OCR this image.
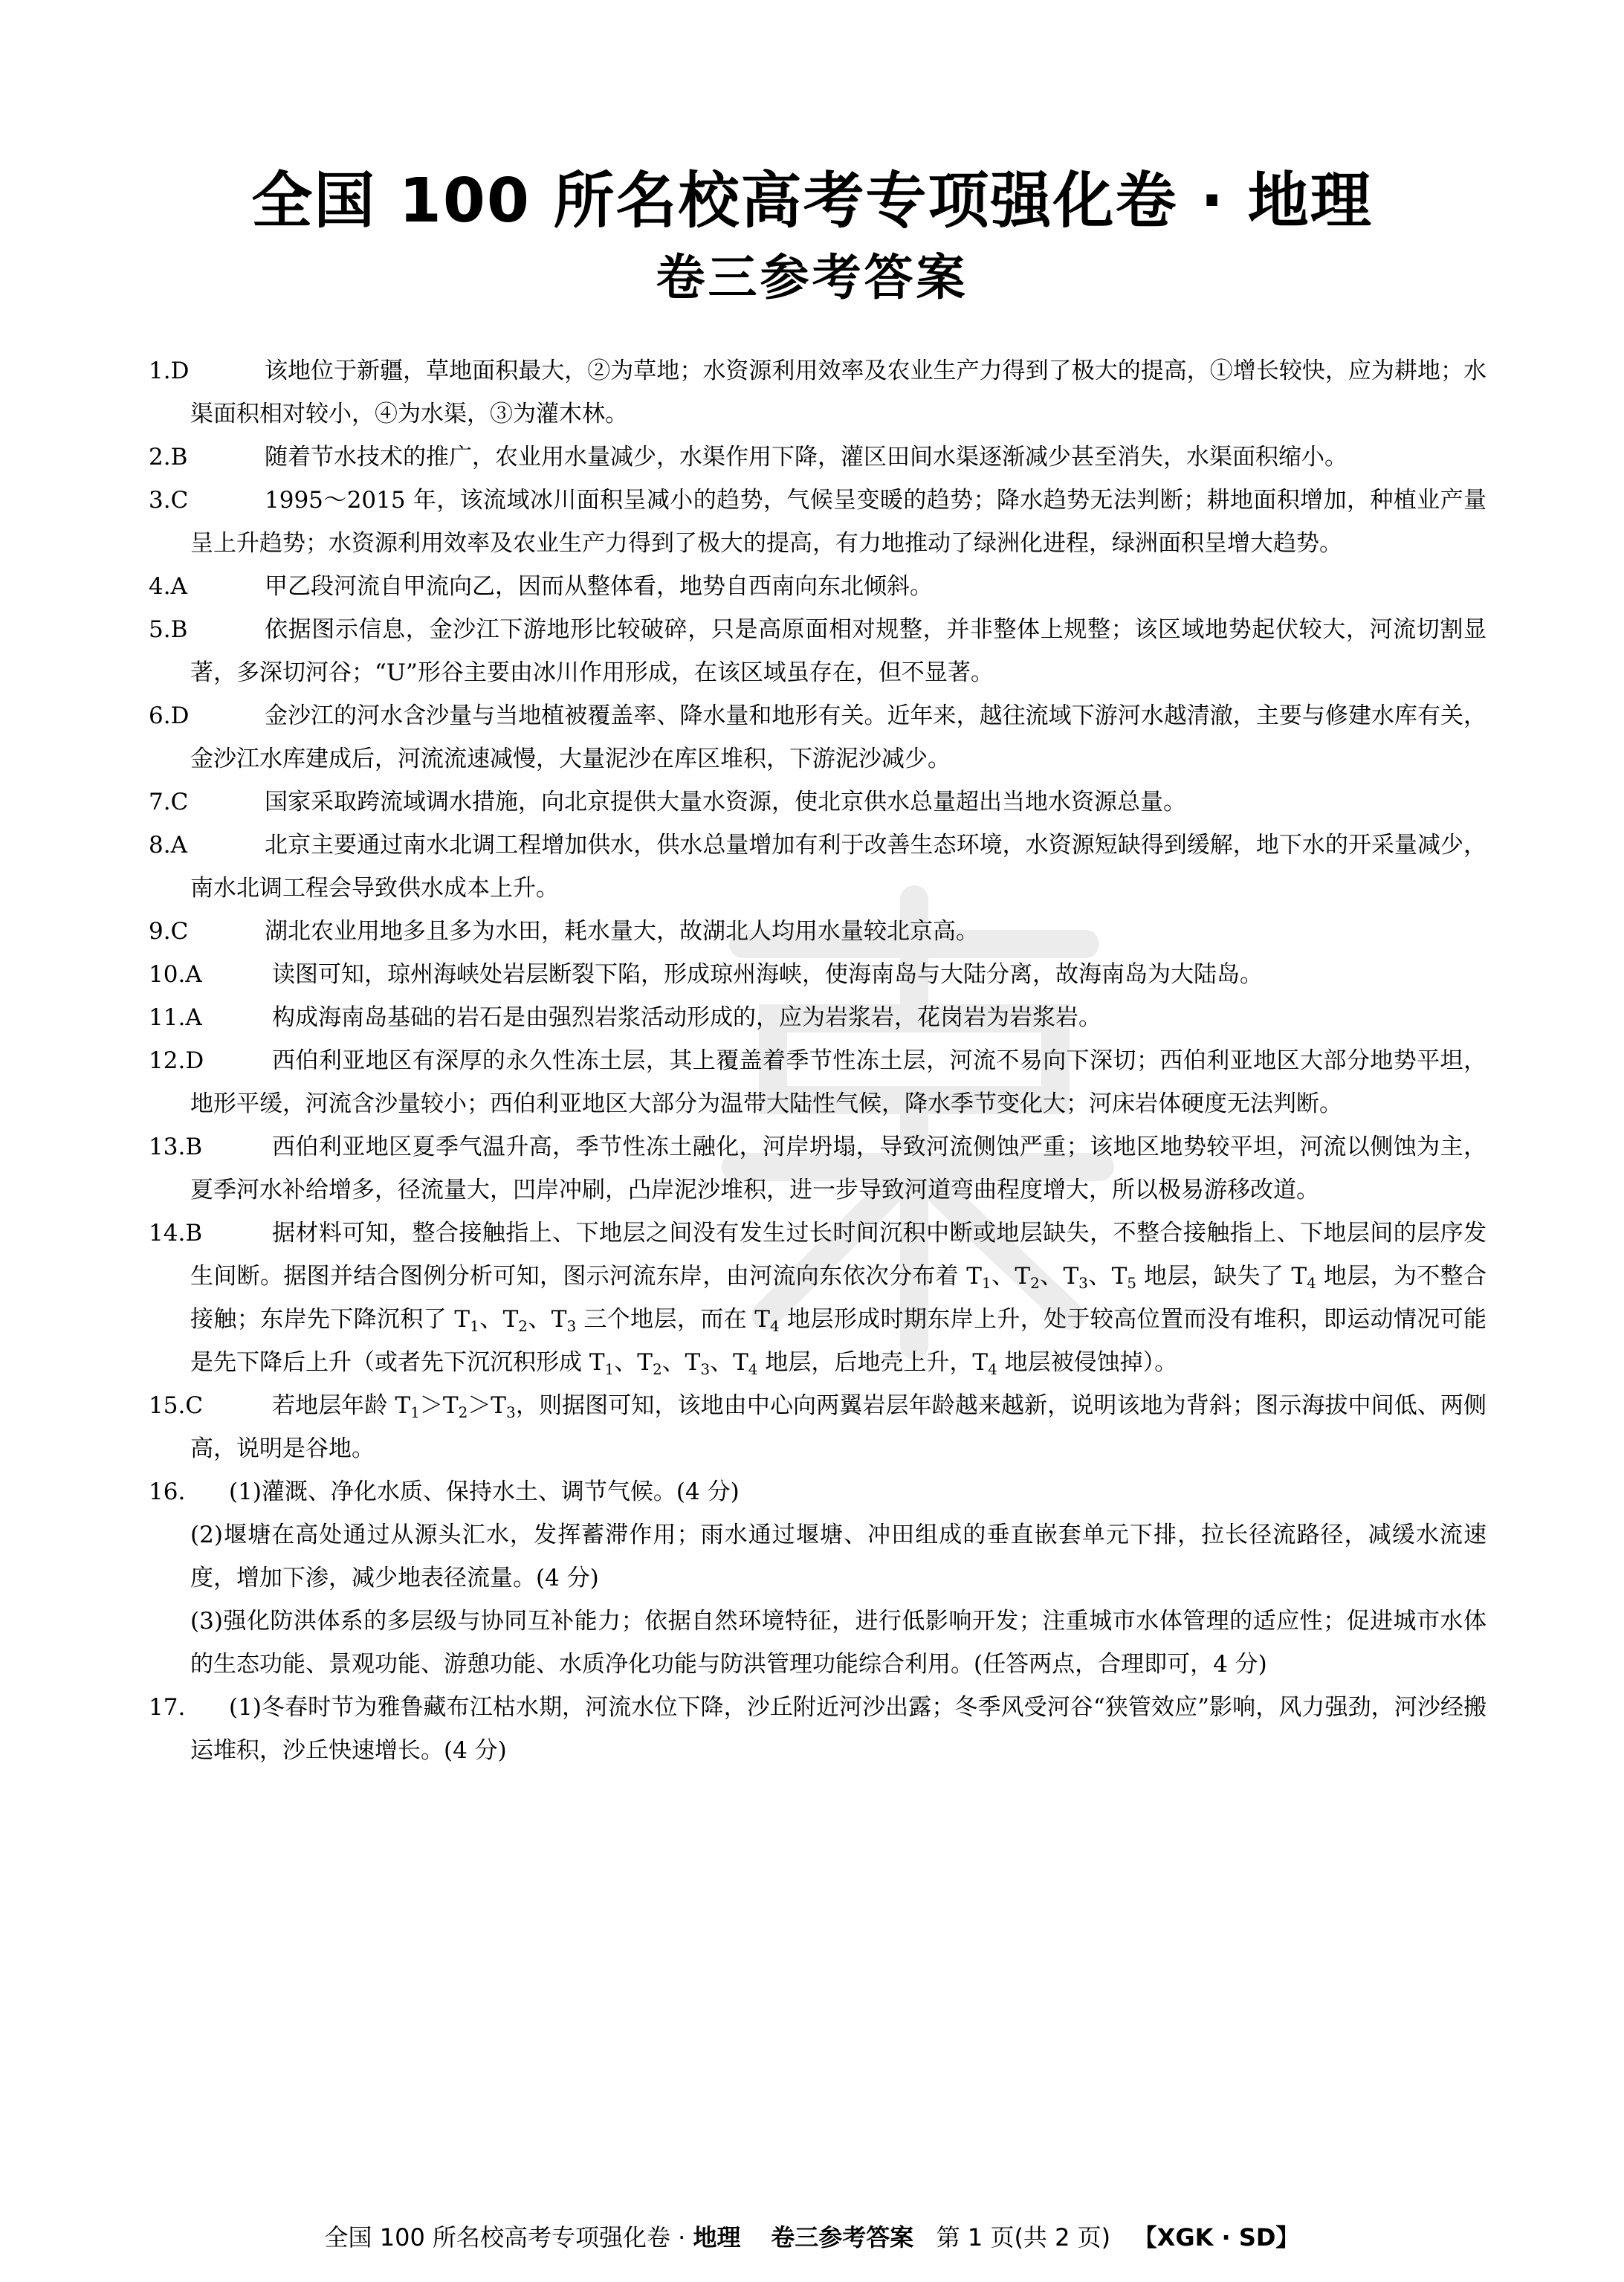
全国 100 所名校高考专项强化卷 · 地理
卷三参考答案
1.D	该地位于新疆，草地面积最大，②为草地；水资源利用效率及农业生产力得到了极大的提高，①增长较快，应为耕地；水渠面积相对较小，④为水渠，③为灌木林。
2.B	随着节水技术的推广，农业用水量减少，水渠作用下降，灌区田间水渠逐渐减少甚至消失，水渠面积缩小。
3.C	1995～2015 年，该流域冰川面积呈减小的趋势，气候呈变暖的趋势；降水趋势无法判断；耕地面积增加，种植业产量呈上升趋势；水资源利用效率及农业生产力得到了极大的提高，有力地推动了绿洲化进程，绿洲面积呈增大趋势。
4.A	甲乙段河流自甲流向乙，因而从整体看，地势自西南向东北倾斜。
5.B	依据图示信息，金沙江下游地形比较破碎，只是高原面相对规整，并非整体上规整；该区域地势起伏较大，河流切割显著，多深切河谷；“U”形谷主要由冰川作用形成，在该区域虽存在，但不显著。
6.D	金沙江的河水含沙量与当地植被覆盖率、降水量和地形有关。近年来，越往流域下游河水越清澈，主要与修建水库有关，金沙江水库建成后，河流流速减慢，大量泥沙在库区堆积，下游泥沙减少。
7.C	国家采取跨流域调水措施，向北京提供大量水资源，使北京供水总量超出当地水资源总量。
8.A	北京主要通过南水北调工程增加供水，供水总量增加有利于改善生态环境，水资源短缺得到缓解，地下水的开采量减少，南水北调工程会导致供水成本上升。
9.C	湖北农业用地多且多为水田，耗水量大，故湖北人均用水量较北京高。
10.A	读图可知，琼州海峡处岩层断裂下陷，形成琼州海峡，使海南岛与大陆分离，故海南岛为大陆岛。
11.A	构成海南岛基础的岩石是由强烈岩浆活动形成的，应为岩浆岩，花岗岩为岩浆岩。
12.D	西伯利亚地区有深厚的永久性冻土层，其上覆盖着季节性冻土层，河流不易向下深切；西伯利亚地区大部分地势平坦，地形平缓，河流含沙量较小；西伯利亚地区大部分为温带大陆性气候，降水季节变化大；河床岩体硬度无法判断。
13.B	西伯利亚地区夏季气温升高，季节性冻土融化，河岸坍塌，导致河流侧蚀严重；该地区地势较平坦，河流以侧蚀为主，夏季河水补给增多，径流量大，凹岸冲刷，凸岸泥沙堆积，进一步导致河道弯曲程度增大，所以极易游移改道。
14.B	据材料可知，整合接触指上、下地层之间没有发生过长时间沉积中断或地层缺失，不整合接触指上、下地层间的层序发生间断。据图并结合图例分析可知，图示河流东岸，由河流向东依次分布着 $T_1$、$T_2$、$T_3$、$T_5$ 地层，缺失了 $T_4$ 地层，为不整合接触；东岸先下降沉积了 $T_1$、$T_2$、$T_3$ 三个地层，而在 $T_4$ 地层形成时期东岸上升，处于较高位置而没有堆积，即运动情况可能是先下降后上升（或者先下沉沉积形成 $T_1$、$T_2$、$T_3$、$T_4$ 地层，后地壳上升，$T_4$ 地层被侵蚀掉）。
15.C	若地层年龄 $T_1>T_2>T_3$，则据图可知，该地由中心向两翼岩层年龄越来越新，说明该地为背斜；图示海拔中间低、两侧高，说明是谷地。
16.	(1)灌溉、净化水质、保持水土、调节气候。(4 分)
(2)堰塘在高处通过从源头汇水，发挥蓄滞作用；雨水通过堰塘、冲田组成的垂直嵌套单元下排，拉长径流路径，减缓水流速度，增加下渗，减少地表径流量。(4 分)
(3)强化防洪体系的多层级与协同互补能力；依据自然环境特征，进行低影响开发；注重城市水体管理的适应性；促进城市水体的生态功能、景观功能、游憩功能、水质净化功能与防洪管理功能综合利用。(任答两点，合理即可，4 分)
17.	(1)冬春时节为雅鲁藏布江枯水期，河流水位下降，沙丘附近河沙出露；冬季风受河谷“狭管效应”影响，风力强劲，河沙经搬运堆积，沙丘快速增长。(4 分)
全国 100 所名校高考专项强化卷 · 地理 卷三参考答案 第 1 页(共 2 页) 【XGK · SD】
